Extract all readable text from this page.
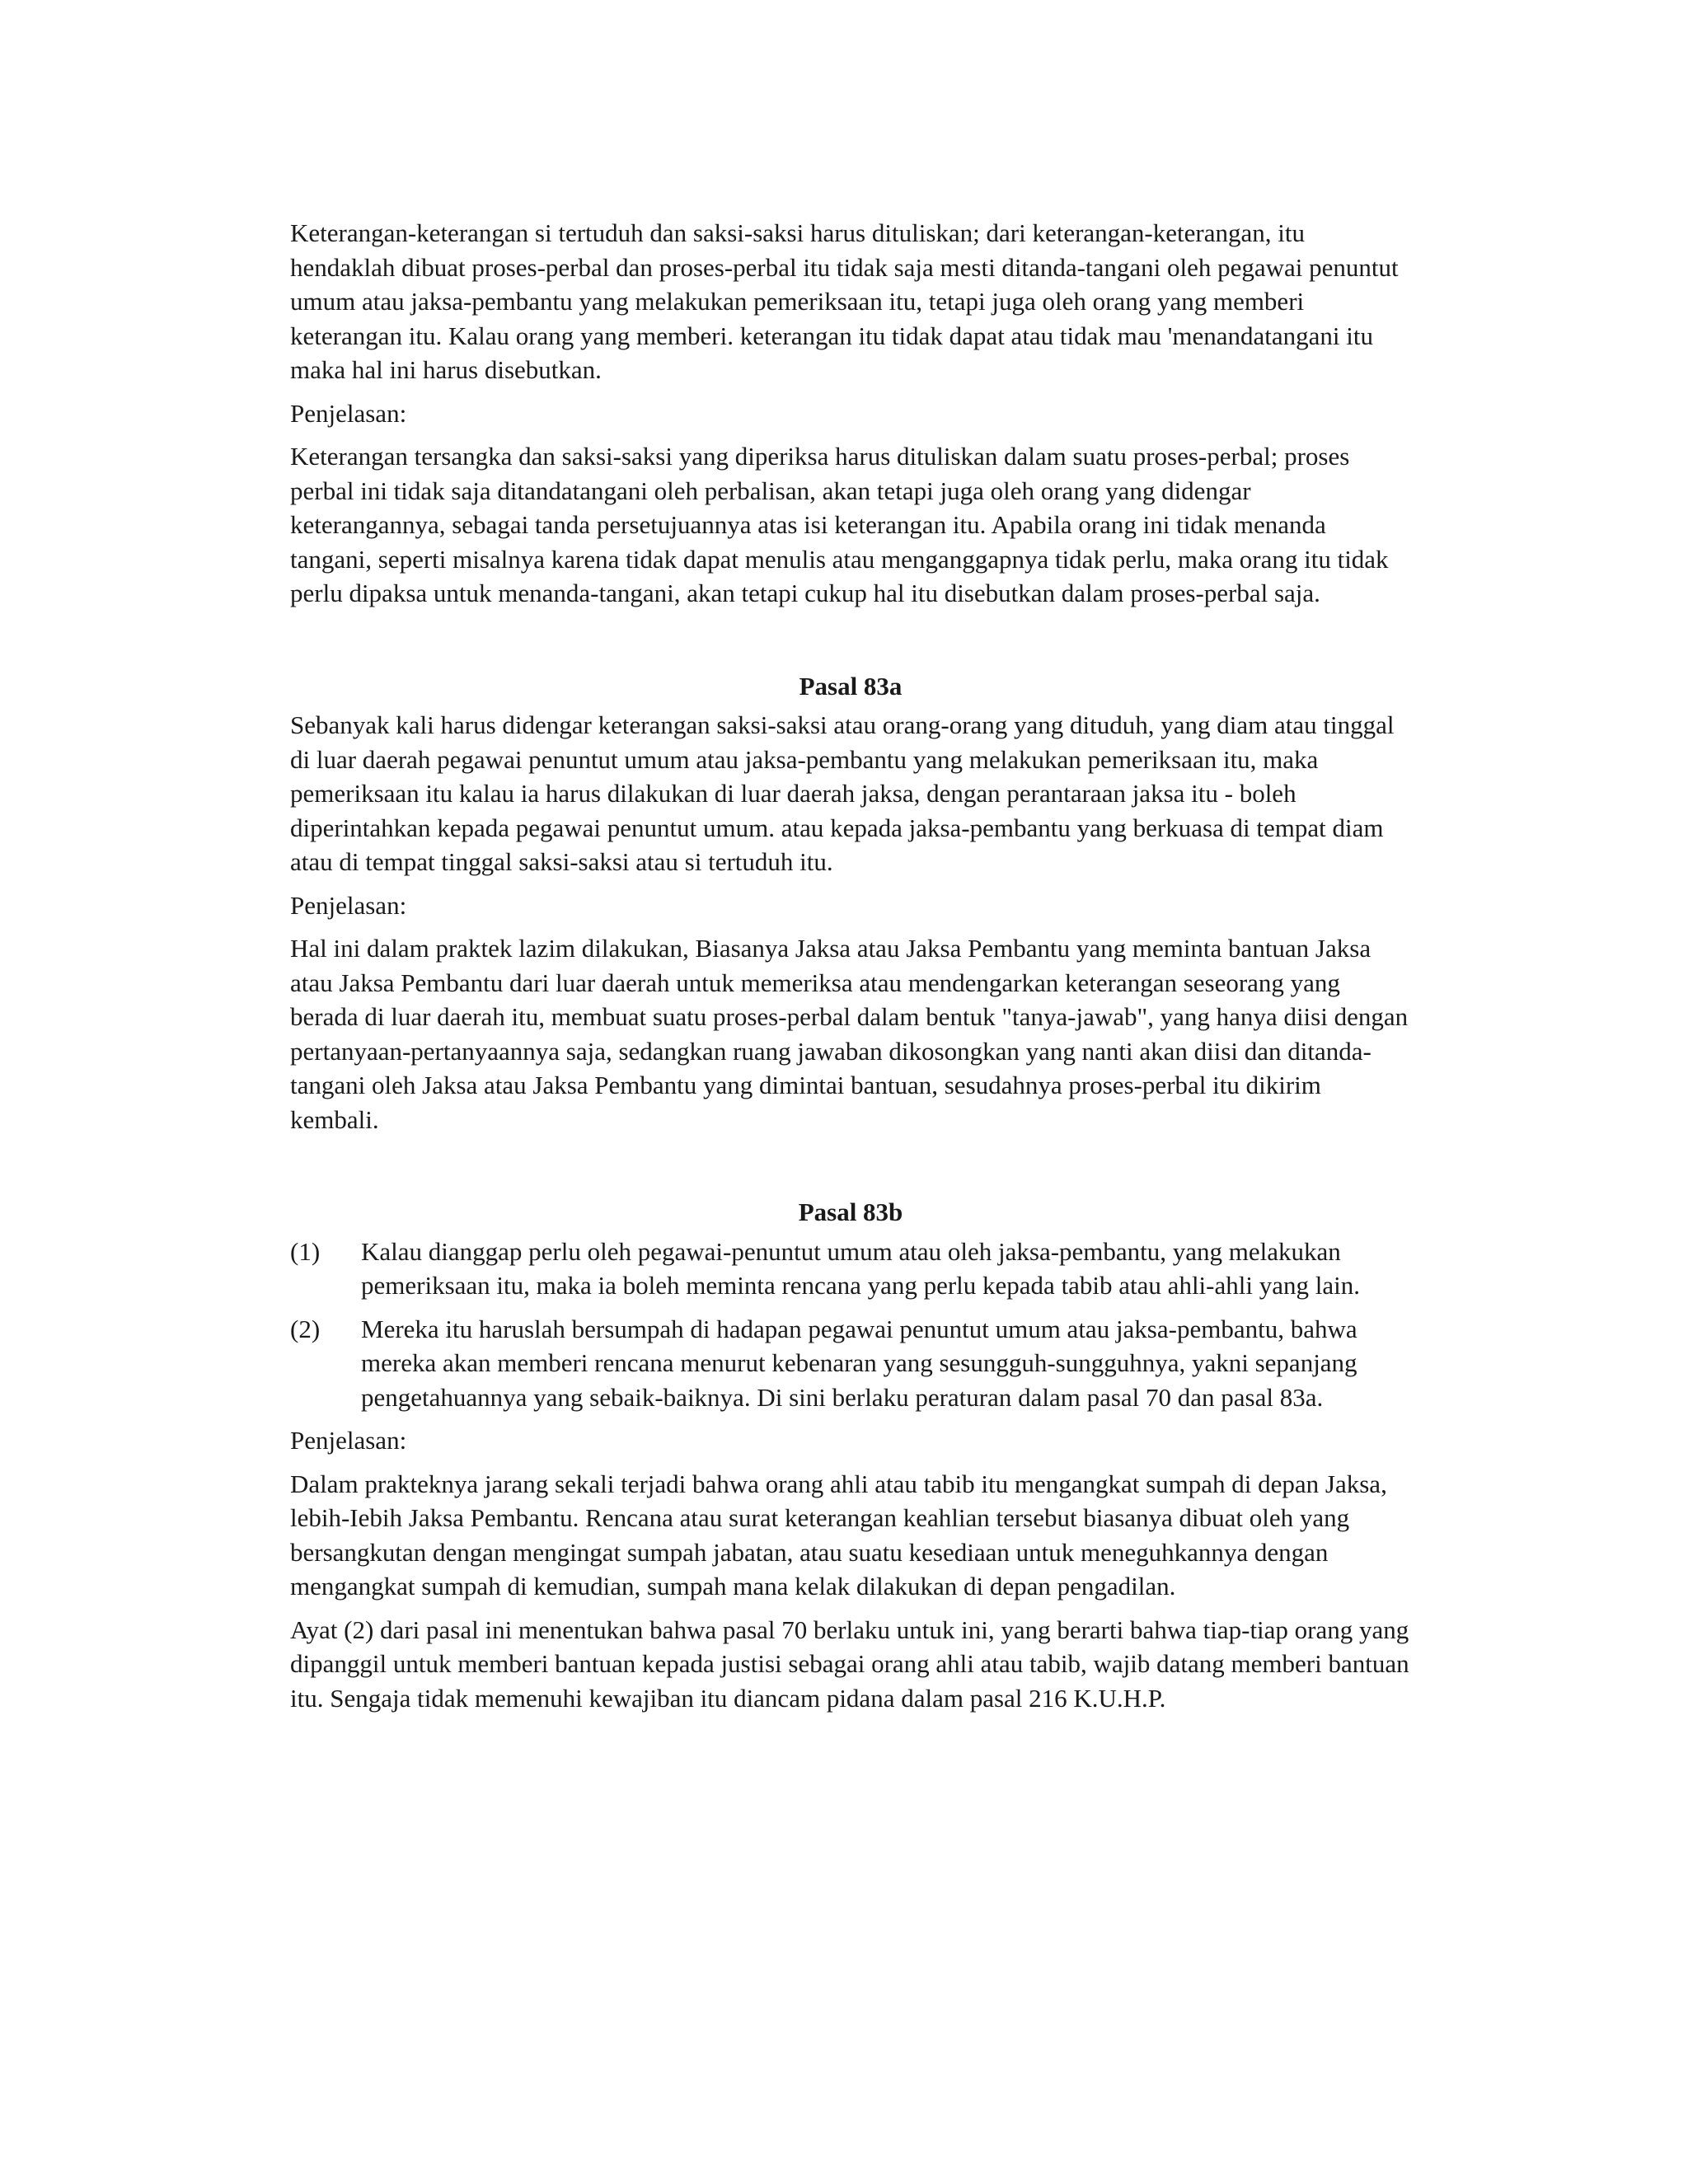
Keterangan-keterangan si tertuduh dan saksi-saksi harus dituliskan; dari keterangan-keterangan, itu hendaklah dibuat proses-perbal dan proses-perbal itu tidak saja mesti ditanda-tangani oleh pegawai penuntut umum atau jaksa-pembantu yang melakukan pemeriksaan itu, tetapi juga oleh orang yang memberi keterangan itu. Kalau orang yang memberi. keterangan itu tidak dapat atau tidak mau 'menandatangani itu maka hal ini harus disebutkan.

Penjelasan:

Keterangan tersangka dan saksi-saksi yang diperiksa harus dituliskan dalam suatu proses-perbal; proses perbal ini tidak saja ditandatangani oleh perbalisan, akan tetapi juga oleh orang yang didengar keterangannya, sebagai tanda persetujuannya atas isi keterangan itu. Apabila orang ini tidak menanda tangani, seperti misalnya karena tidak dapat menulis atau menganggapnya tidak perlu, maka orang itu tidak perlu dipaksa untuk menanda-tangani, akan tetapi cukup hal itu disebutkan dalam proses-perbal saja.

Pasal 83a

Sebanyak kali harus didengar keterangan saksi-saksi atau orang-orang yang dituduh, yang diam atau tinggal di luar daerah pegawai penuntut umum atau jaksa-pembantu yang melakukan pemeriksaan itu, maka pemeriksaan itu kalau ia harus dilakukan di luar daerah jaksa, dengan perantaraan jaksa itu - boleh diperintahkan kepada pegawai penuntut umum. atau kepada jaksa-pembantu yang berkuasa di tempat diam atau di tempat tinggal saksi-saksi atau si tertuduh itu.

Penjelasan:

Hal ini dalam praktek lazim dilakukan, Biasanya Jaksa atau Jaksa Pembantu yang meminta bantuan Jaksa atau Jaksa Pembantu dari luar daerah untuk memeriksa atau mendengarkan keterangan seseorang yang berada di luar daerah itu, membuat suatu proses-perbal dalam bentuk "tanya-jawab", yang hanya diisi dengan pertanyaan-pertanyaannya saja, sedangkan ruang jawaban dikosongkan yang nanti akan diisi dan ditanda-tangani oleh Jaksa atau Jaksa Pembantu yang dimintai bantuan, sesudahnya proses-perbal itu dikirim kembali.

Pasal 83b

(1)	Kalau dianggap perlu oleh pegawai-penuntut umum atau oleh jaksa-pembantu, yang melakukan pemeriksaan itu, maka ia boleh meminta rencana yang perlu kepada tabib atau ahli-ahli yang lain.
(2)	Mereka itu haruslah bersumpah di hadapan pegawai penuntut umum atau jaksa-pembantu, bahwa mereka akan memberi rencana menurut kebenaran yang sesungguh-sungguhnya, yakni sepanjang pengetahuannya yang sebaik-baiknya. Di sini berlaku peraturan dalam pasal 70 dan pasal 83a.

Penjelasan:

Dalam prakteknya jarang sekali terjadi bahwa orang ahli atau tabib itu mengangkat sumpah di depan Jaksa, lebih-Iebih Jaksa Pembantu. Rencana atau surat keterangan keahlian tersebut biasanya dibuat oleh yang bersangkutan dengan mengingat sumpah jabatan, atau suatu kesediaan untuk meneguhkannya dengan mengangkat sumpah di kemudian, sumpah mana kelak dilakukan di depan pengadilan.

Ayat (2) dari pasal ini menentukan bahwa pasal 70 berlaku untuk ini, yang berarti bahwa tiap-tiap orang yang dipanggil untuk memberi bantuan kepada justisi sebagai orang ahli atau tabib, wajib datang memberi bantuan itu. Sengaja tidak memenuhi kewajiban itu diancam pidana dalam pasal 216 K.U.H.P.
